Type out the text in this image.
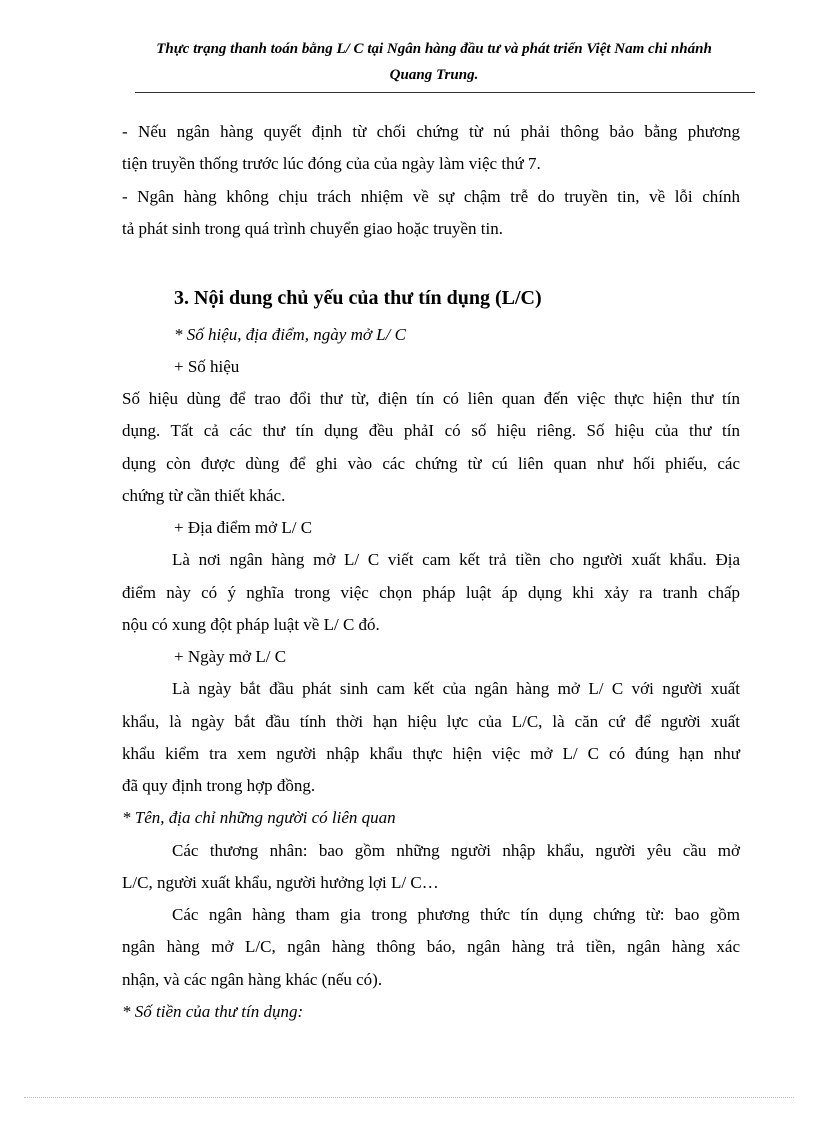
Thực trạng thanh toán bằng L/ C tại Ngân hàng đầu tư và phát triển Việt Nam chi nhánh
Quang Trung.
- Nếu ngân hàng quyết định từ chối chứng từ nú phải thông bảo bằng phương
tiện truyền thống trước lúc đóng của của ngày làm việc thứ 7.
- Ngân hàng không chịu trách nhiệm về sự chậm trễ do truyền tin, về lỗi chính
tả phát sinh trong quá trình chuyển giao hoặc truyền tin.
3. Nội dung chủ yếu của thư tín dụng (L/C)
* Số hiệu, địa điểm, ngày mở L/ C
+ Số hiệu
Số hiệu dùng để trao đổi thư từ, điện tín có liên quan đến việc thực hiện thư tín
dụng. Tất cả các thư tín dụng đều phảI có số hiệu riêng. Số hiệu của thư tín
dụng còn được dùng để ghi vào các chứng từ cú liên quan như hối phiếu, các
chứng từ cần thiết khác.
+ Địa điểm mở L/ C
Là nơi ngân hàng mở L/ C viết cam kết trả tiền cho người xuất khẩu. Địa
điểm này có ý nghĩa trong việc chọn pháp luật áp dụng khi xảy ra tranh chấp
nộu có xung đột pháp luật về L/ C đó.
+ Ngày mở L/ C
Là ngày bắt đầu phát sinh cam kết của ngân hàng mở L/ C với người xuất
khẩu, là ngày bắt đầu tính thời hạn hiệu lực của L/C, là căn cứ để người xuất
khẩu kiểm tra xem người nhập khẩu thực hiện việc mở L/ C có đúng hạn như
đã quy định trong hợp đồng.
* Tên, địa chỉ những người có liên quan
Các thương nhân: bao gồm những người nhập khẩu, người yêu cầu mở
L/C, người xuất khẩu, người hưởng lợi L/ C…
Các ngân hàng tham gia trong phương thức tín dụng chứng từ: bao gồm
ngân hàng mở L/C, ngân hàng thông báo, ngân hàng trả tiền, ngân hàng xác
nhận, và các ngân hàng khác (nếu có).
* Số tiền của thư tín dụng:
